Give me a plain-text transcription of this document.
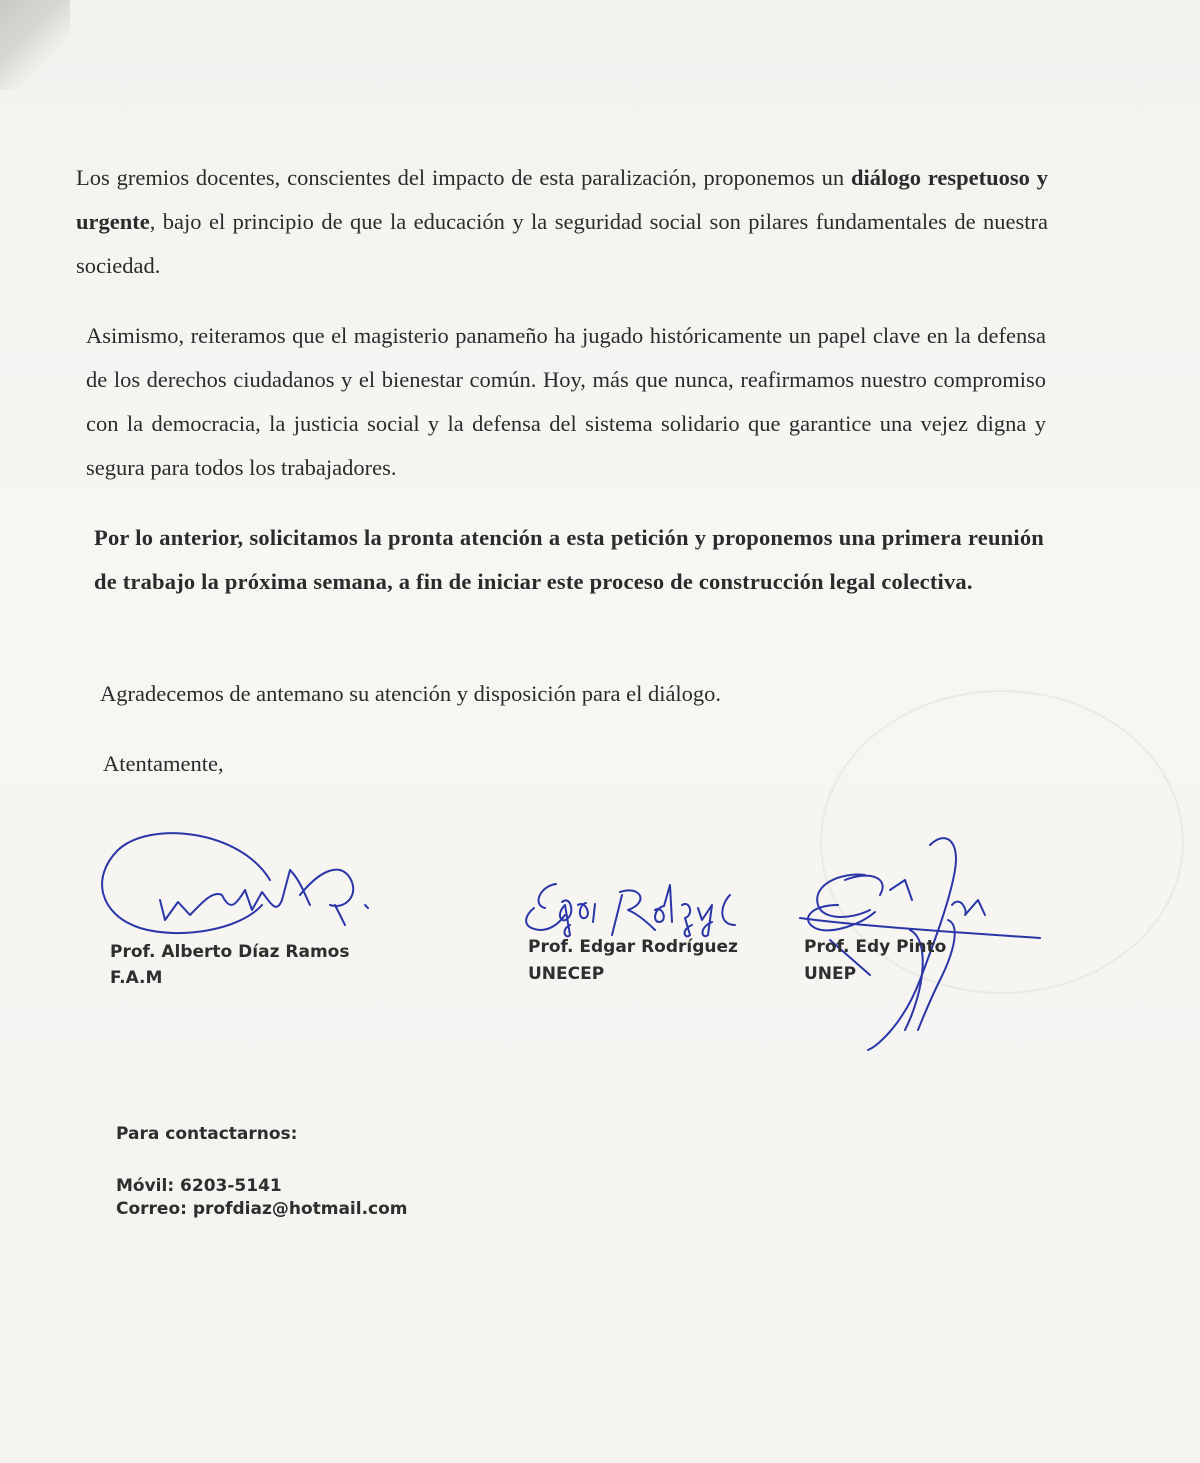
Los gremios docentes, conscientes del impacto de esta paralización, proponemos un diálogo respetuoso y urgente, bajo el principio de que la educación y la seguridad social son pilares fundamentales de nuestra sociedad.

Asimismo, reiteramos que el magisterio panameño ha jugado históricamente un papel clave en la defensa de los derechos ciudadanos y el bienestar común. Hoy, más que nunca, reafirmamos nuestro compromiso con la democracia, la justicia social y la defensa del sistema solidario que garantice una vejez digna y segura para todos los trabajadores.

Por lo anterior, solicitamos la pronta atención a esta petición y proponemos una primera reunión de trabajo la próxima semana, a fin de iniciar este proceso de construcción legal colectiva.

Agradecemos de antemano su atención y disposición para el diálogo.

Atentamente,

Prof. Alberto Díaz Ramos

F.A.M

Prof. Edgar Rodríguez

UNECEP

Prof. Edy Pinto

UNEP

Para contactarnos:

Móvil: 6203-5141

Correo: profdiaz@hotmail.com
